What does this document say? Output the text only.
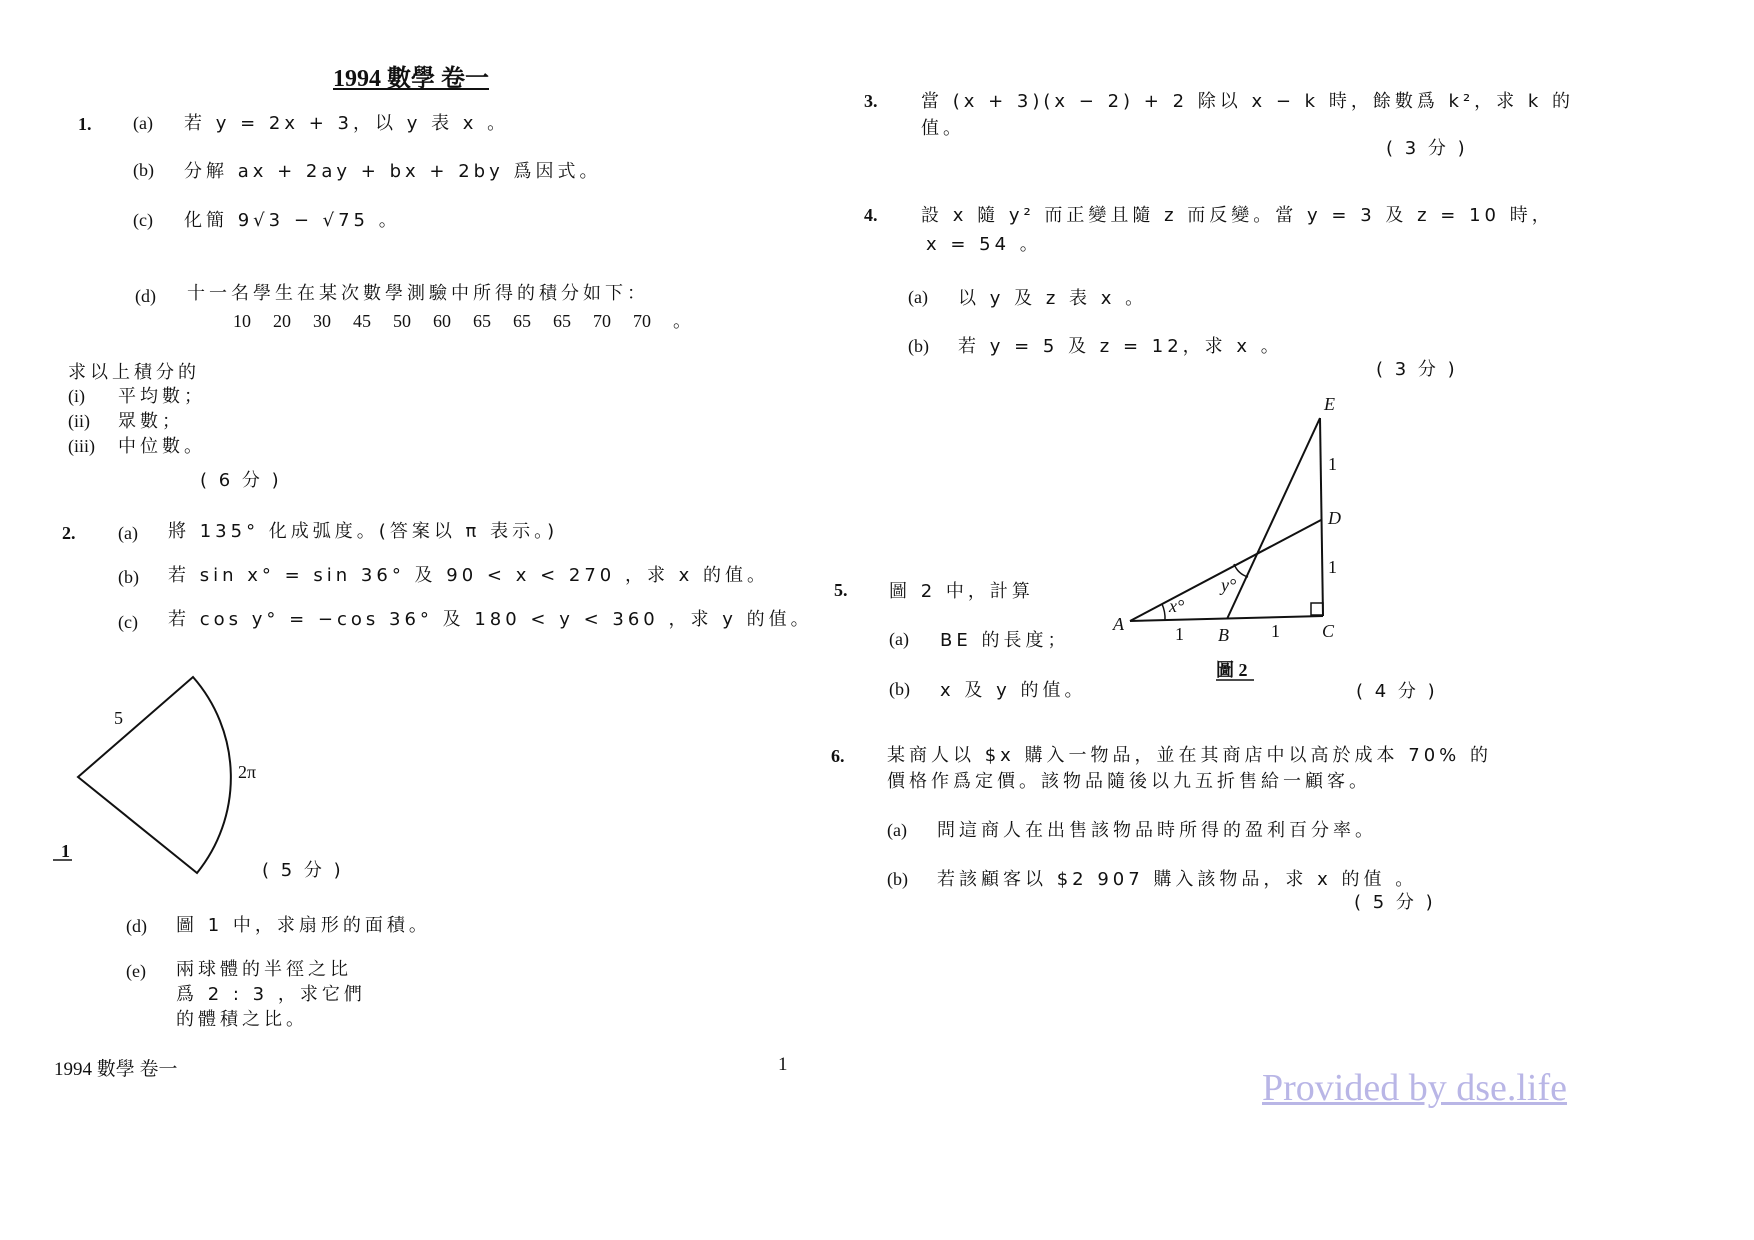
1994 數學 卷一
1. (a) 若 y = 2x + 3，以 y 表 x 。
(b) 分解 ax + 2ay + bx + 2by 爲因式。
(c) 化簡 9√3 − √75 。
(d) 十一名學生在某次數學測驗中所得的積分如下：
10 20 30 45 50 60 65 65 65 70 70 。
求以上積分的
(i) 平均數；
(ii) 眾數；
(iii) 中位數。
( 6 分 )
2. (a) 將 135° 化成弧度。(答案以 π 表示。)
(b) 若 sin x° = sin 36° 及 90 < x < 270 ，求 x 的值。
(c) 若 cos y° = −cos 36° 及 180 < y < 360 ，求 y 的值。
5
2π
1
( 5 分 )
(d) 圖 1 中，求扇形的面積。
(e) 兩球體的半徑之比
爲 2 : 3 ，求它們
的體積之比。
3. 當 (x + 3)(x − 2) + 2 除以 x − k 時，餘數爲 k²，求 k 的
值。
( 3 分 )
4. 設 x 隨 y² 而正變且隨 z 而反變。當 y = 3 及 z = 10 時，
x = 54 。
(a) 以 y 及 z 表 x 。
(b) 若 y = 5 及 z = 12，求 x 。
( 3 分 )
5. 圖 2 中，計算
(a) BE 的長度；
(b) x 及 y 的值。	( 4 分 )
A
B	C
D
E
x°
y°
1	1
1
1
圖 2
6. 某商人以 $x 購入一物品，並在其商店中以高於成本 70% 的
價格作爲定價。該物品隨後以九五折售給一顧客。
(a) 問這商人在出售該物品時所得的盈利百分率。
(b) 若該顧客以 $2 907 購入該物品，求 x 的值 。
( 5 分 )
1994 數學 卷一	1
Provided by dse.life
